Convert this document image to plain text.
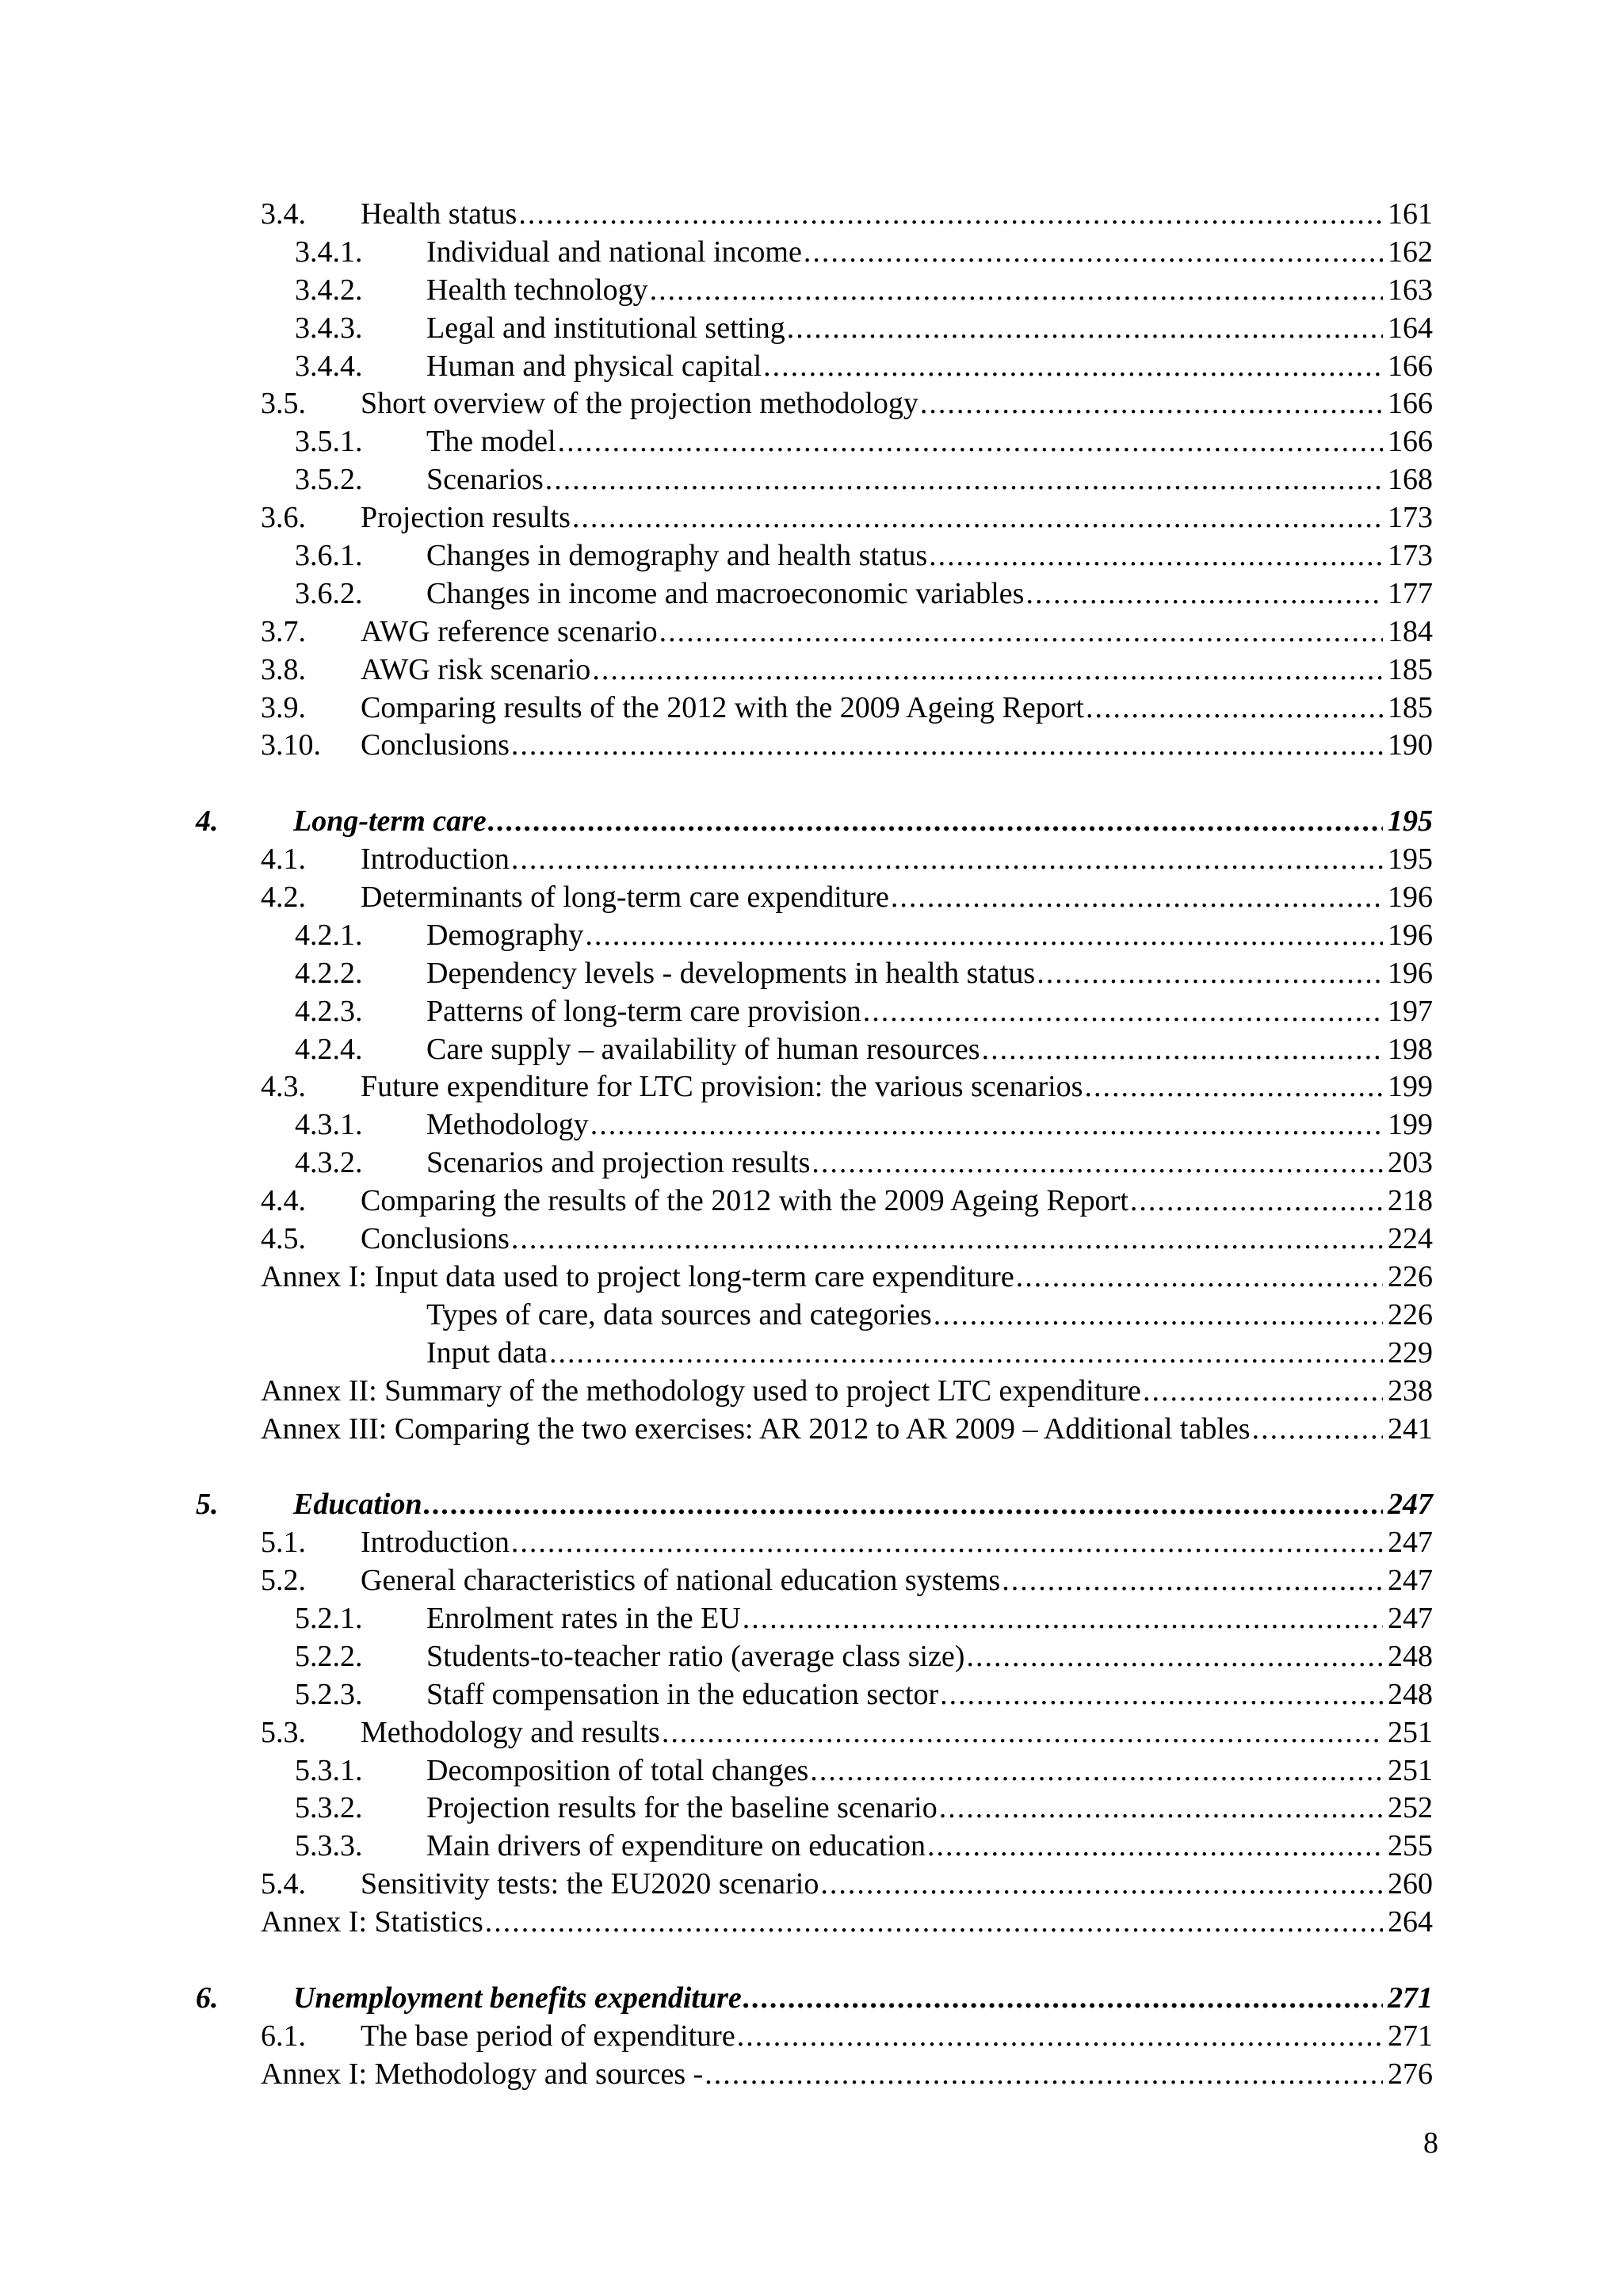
3.4. Health status .....	161
3.4.1. Individual and national income .....	162
3.4.2. Health technology .....	163
3.4.3. Legal and institutional setting .....	164
3.4.4. Human and physical capital .....	166
3.5. Short overview of the projection methodology .....	166
3.5.1. The model .....	166
3.5.2. Scenarios .....	168
3.6. Projection results .....	173
3.6.1. Changes in demography and health status .....	173
3.6.2. Changes in income and macroeconomic variables .....	177
3.7. AWG reference scenario .....	184
3.8. AWG risk scenario .....	185
3.9. Comparing results of the 2012 with the 2009 Ageing Report .....	185
3.10. Conclusions .....	190
4. Long-term care .....	195
4.1. Introduction .....	195
4.2. Determinants of long-term care expenditure .....	196
4.2.1. Demography .....	196
4.2.2. Dependency levels - developments in health status .....	196
4.2.3. Patterns of long-term care provision .....	197
4.2.4. Care supply – availability of human resources .....	198
4.3. Future expenditure for LTC provision: the various scenarios .....	199
4.3.1. Methodology .....	199
4.3.2. Scenarios and projection results .....	203
4.4. Comparing the results of the 2012 with the 2009 Ageing Report .....	218
4.5. Conclusions .....	224
Annex I: Input data used to project long-term care expenditure .....	226
Types of care, data sources and categories .....	226
Input data .....	229
Annex II: Summary of the methodology used to project LTC expenditure .....	238
Annex III: Comparing the two exercises: AR 2012 to AR 2009 – Additional tables .....	241
5. Education .....	247
5.1. Introduction .....	247
5.2. General characteristics of national education systems .....	247
5.2.1. Enrolment rates in the EU .....	247
5.2.2. Students-to-teacher ratio (average class size) .....	248
5.2.3. Staff compensation in the education sector .....	248
5.3. Methodology and results .....	251
5.3.1. Decomposition of total changes .....	251
5.3.2. Projection results for the baseline scenario .....	252
5.3.3. Main drivers of expenditure on education .....	255
5.4. Sensitivity tests: the EU2020 scenario .....	260
Annex I: Statistics .....	264
6. Unemployment benefits expenditure .....	271
6.1. The base period of expenditure .....	271
Annex I: Methodology and sources - .....	276
8
